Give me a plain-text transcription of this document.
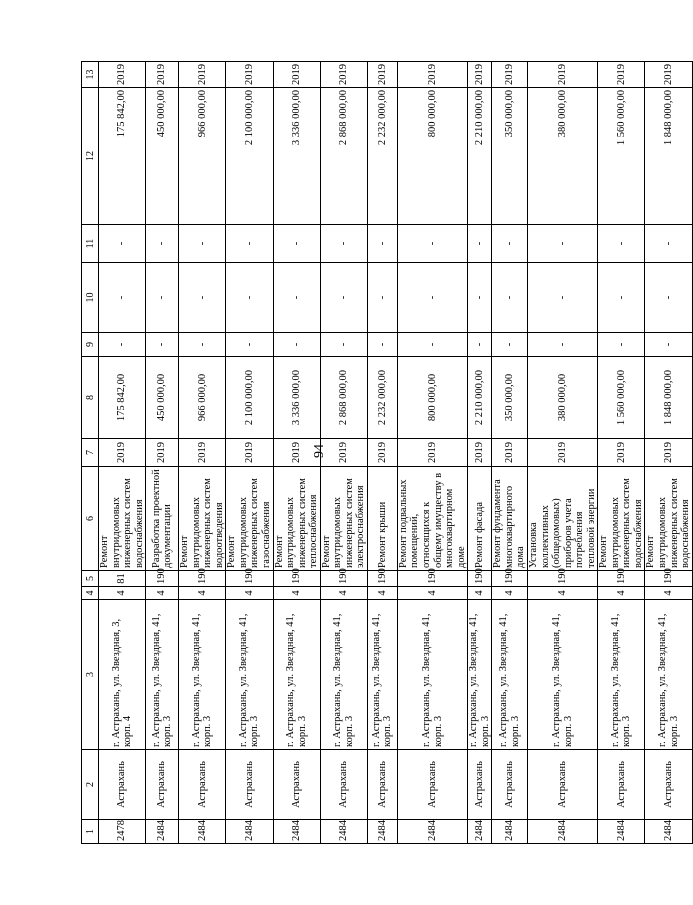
94
1	2	3	4	5	6	7	8	9	10	11	12	13
2478	Астрахань	г. Астрахань, ул. Звездная, 3, корп. 4	4	81	Ремонт внутридомовых инженерных систем водоснабжения	2019	175 842,00	-	-	-	175 842,00	2019
2484	Астрахань	г. Астрахань, ул. Звездная, 41, корп. 3	4	190	Разработка проектной документации	2019	450 000,00	-	-	-	450 000,00	2019
2484	Астрахань	г. Астрахань, ул. Звездная, 41, корп. 3	4	190	Ремонт внутридомовых инженерных систем водоотведения	2019	966 000,00	-	-	-	966 000,00	2019
2484	Астрахань	г. Астрахань, ул. Звездная, 41, корп. 3	4	190	Ремонт внутридомовых инженерных систем газоснабжения	2019	2 100 000,00	-	-	-	2 100 000,00	2019
2484	Астрахань	г. Астрахань, ул. Звездная, 41, корп. 3	4	190	Ремонт внутридомовых инженерных систем теплоснабжения	2019	3 336 000,00	-	-	-	3 336 000,00	2019
2484	Астрахань	г. Астрахань, ул. Звездная, 41, корп. 3	4	190	Ремонт внутридомовых инженерных систем электроснабжения	2019	2 868 000,00	-	-	-	2 868 000,00	2019
2484	Астрахань	г. Астрахань, ул. Звездная, 41, корп. 3	4	190	Ремонт крыши	2019	2 232 000,00	-	-	-	2 232 000,00	2019
2484	Астрахань	г. Астрахань, ул. Звездная, 41, корп. 3	4	190	Ремонт подвальных помещений, относящихся к общему имуществу в многоквартирном доме	2019	800 000,00	-	-	-	800 000,00	2019
2484	Астрахань	г. Астрахань, ул. Звездная, 41, корп. 3	4	190	Ремонт фасада	2019	2 210 000,00	-	-	-	2 210 000,00	2019
2484	Астрахань	г. Астрахань, ул. Звездная, 41, корп. 3	4	190	Ремонт фундамента многоквартирного дома	2019	350 000,00	-	-	-	350 000,00	2019
2484	Астрахань	г. Астрахань, ул. Звездная, 41, корп. 3	4	190	Установка коллективных (общедомовых) приборов учета потребления тепловой энергии	2019	380 000,00	-	-	-	380 000,00	2019
2484	Астрахань	г. Астрахань, ул. Звездная, 41, корп. 3	4	190	Ремонт внутридомовых инженерных систем водоснабжения	2019	1 560 000,00	-	-	-	1 560 000,00	2019
2484	Астрахань	г. Астрахань, ул. Звездная, 41, корп. 3	4	190	Ремонт внутридомовых инженерных систем водоснабжения	2019	1 848 000,00	-	-	-	1 848 000,00	2019
